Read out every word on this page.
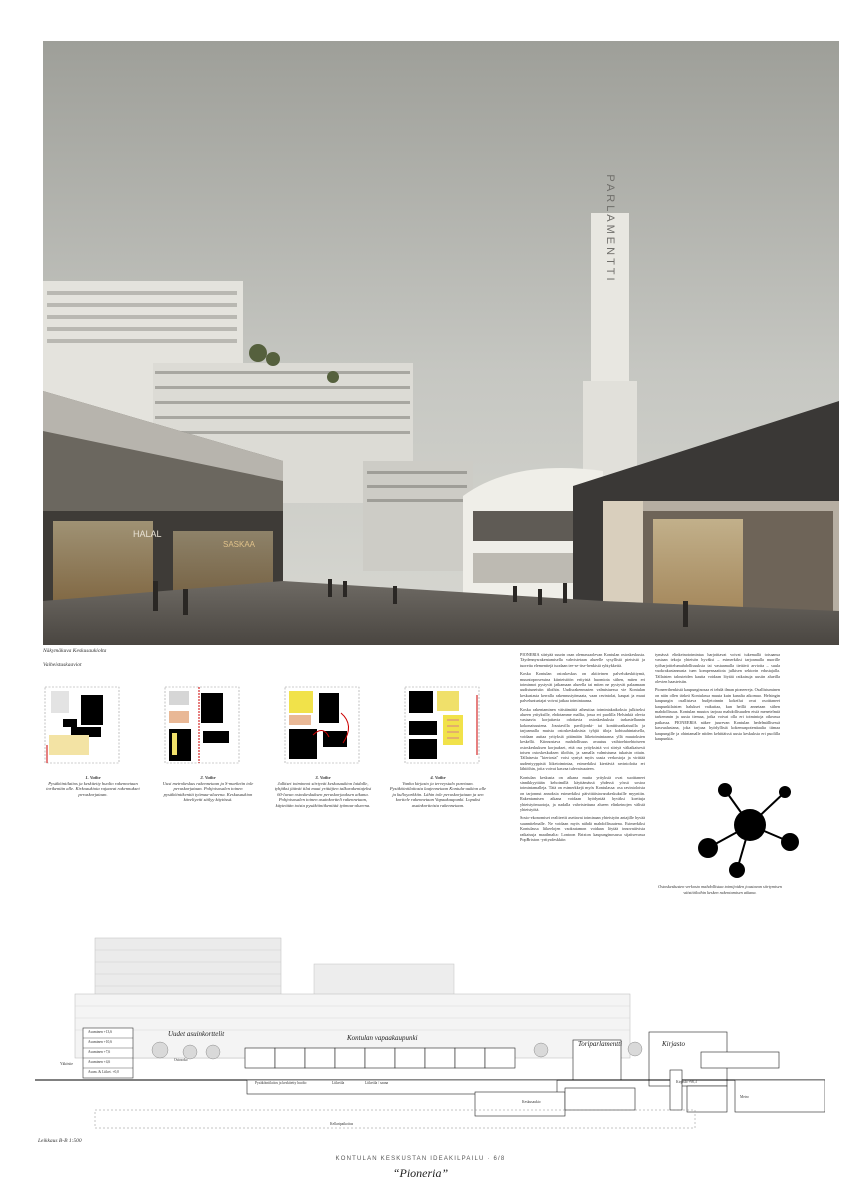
PARLAMENTTI
HALAL
SASKAA
Näkymäkuva Keskusaukiolta
Vaiheistuskaaviot
1. Vaihe
Pysäköintilaitos ja keskitetty huolto rakennetaan torikentän alle. Kirkoaukiota rajaavat rakennukset peruskorjataan.
2. Vaihe
Uusi metrokeskus rakennetaan ja S-marketin tole peruskorjataan. Pohjoisosalen toinen pysäköintikenttä työmaa-alueena. Keskusaukion käveltyetti säilyy käytössä.
3. Vaihe
Julkiset toiminnot siirtyvät keskusaukion laidalle, tyhjäksi jäävät tilat muut yrittäjien talkurakentajeksi 60-luvun ostoskeskuksen peruskorjauksen aikana. Pohjoisosalen toinen asuinkortteli rakennetaan, käytetään toista pysäköintikenttää työmaa-alueena.
4. Vaihe
Vanha kirjasto ja terveystalo puretaan. Pysäköintilaitosta laajennetaan Kontula-aukion alle ja kulloyarkkiin. Lähin tole peruskorjataan ja sen korttele rakennetaan Vapaakaupunki. Lopuksi asuinkortteista rakennetaan.

PIONERIA siirtyää suurin osan olemassaolevan Kontulan ostoskeskusta. Täydennysrakentamisella vahvistetaan alueelle sysyllistä pietsistä ja tuoreita elementtejä tuodaan tee-se-itse-henkistä ryhtykkeitä.

Koska Kontulan ostoskeskus on aktiivinen palvelukeskittymä, muuntoprosessina kiinteistöön erityistä huomiota siihen, miten eri toiminnot pystyvät jatkamaan alueella tai miten ne pystyvät palaamaan uudistuneisiin tiloihin. Uudisrakennusten valmistuessa vie Kontulan keskustasta kerralla rakennustyömaata, vaan ravintolat, kaupat ja muut palvelunturiajat voivat jatkaa toimintaansa.

Koska rakentaminen väistämättä aiheuttaa toimintakatkoksia julkiseksi alueen yrityksille, ehdotamme mallia, jossa eri puolilla Helsinkiä olevia vastaavia korjattavia odottavia ostoskeskuksia tarkastellaanin kokonaisuutena. Joustavilla pavilijonki- tai kontitisratkaisuilla ja tarjoamalla muista ostoskeskuksista tyhjiä tiloja kohtuuhintaisella, voidaan auttaa yrityksiä pitämään liiketoimintaansa yllä muutoksien keskellä. Kiinnostava mahdollisuus avautuu vaihtoehtoehtoiseen ostoskeskuksen korjaukset, että osa yrityksistä voi siirtyä väliaikaisesti toisen ostoskeskuksen tiloihin, ja samalla valmistuma tukaisin ottain. Tällaisesta "kiertosta" voisi syntyä myös uusia verkostoja ja virittää uudentyyppistä liiketoimintaa, esimerkiksi kiertäviä ravintoloita eri lähiöihin, joita voivat kasvaa tulevaisuuteen.

Kontulan keskusta on aikana mutta yrityksiä ovat suoittaneet sinnikkyyttään kehoimillä käyttämässä yhdessä yössä sosioa toimintamalleja. Tätä on esimerkkejä myös Kontulassa: osa ravintoloista on tarjonnut annoksia esimerkiksi päivittäistavarakeskuksille myyntiin. Rakentamisen aikana voidaan hyödyntää hyväksi koettuja yhteistyömuotoja, ja nadalla vahvistettuna alueen elinkeinojen välistä yhteistyötä.

Sosio-ekonomiset realiteetit asettavat toiminaan yhteistyön antajille hyvää suunnitelmalle. Ne voidaan myös nähdä mahdollisuutena. Esimerkiksi Kontulassa liikeelojen vaokratamon voidaan löytää innovatiivisia ratkaisuja maailmalta: Lontoon Brixton kaupunginosassa sijaitsevassa PopBrixton -yritysdeskkiin

tymässä elinkeinotoimintaa harjoittavat voivat tukemallä toisaansa vastaan tekoja yhteisön hyväksi – esimerkiksi tarjoamalla nuorille työharjoittelumahdollisuuksia tai vastaamalla tiettävä arvioita – suula vuokrakustannusta tuen kompensaatiota julkisen sektorin edustajalla. Tällaisten talouteiden kautta voidaan löytää ratkaisuja uusiin alueilla olevien haasteisiin.

Pioneerihenkistä kaupunginosaa ei tehdä ilman pioneereja. Osallistuminen on näin ollen tärkeä Kontulassa muuta kuin kanalta aikomuo. Helsingin kaupungin osallistava budjetoinnin kokeilut ovat osoittaneet kaupunkilaisten halukset vaikuttaa, kun heillä annetaan siihen mahdollisuus. Kontulan muutos tarjoaa mahdollisuuden etsiä menetelmiä tarkemmin ja uusia tiemaa, jotka voivat olla eri toimintoja oikeassa paikassa. PIONEERIA näkee juurevan Kontulan hedelmällisessä kasvualustana, joka tarjoaa hyödyllistä kokemuspotentiaalia tiimaa kaupungille ja ohintamalle niiden kehittäissä uusia keskuksia eri puolilla kaupunkia.

Ostoskeskusten verkosto mahdollistaa toimijoiden joustavan siirtymisen väistötiloihin kesken rakentamisen aikana.
Uudet asuinkorttelit	Kontulan vapaakaupunki
Toriparlamentti	Kirjasto
Asuminen +13,6
Asuminen +10,6
Asuminen +7,6
Asuminen +4,6
Asum. & Liiket. +0,0
Ykköstie
Ostosoko
Pysäköintilaitos ja keskitetty huolto	Liiketila	Liiketila / sauna
Keskusaukio
Kirjasto +90,3
Metro
Kellaripaikoitus
Leikkaus B-B 1:500
KONTULAN KESKUSTAN IDEAKILPAILU · 6/8
“Pioneria”
